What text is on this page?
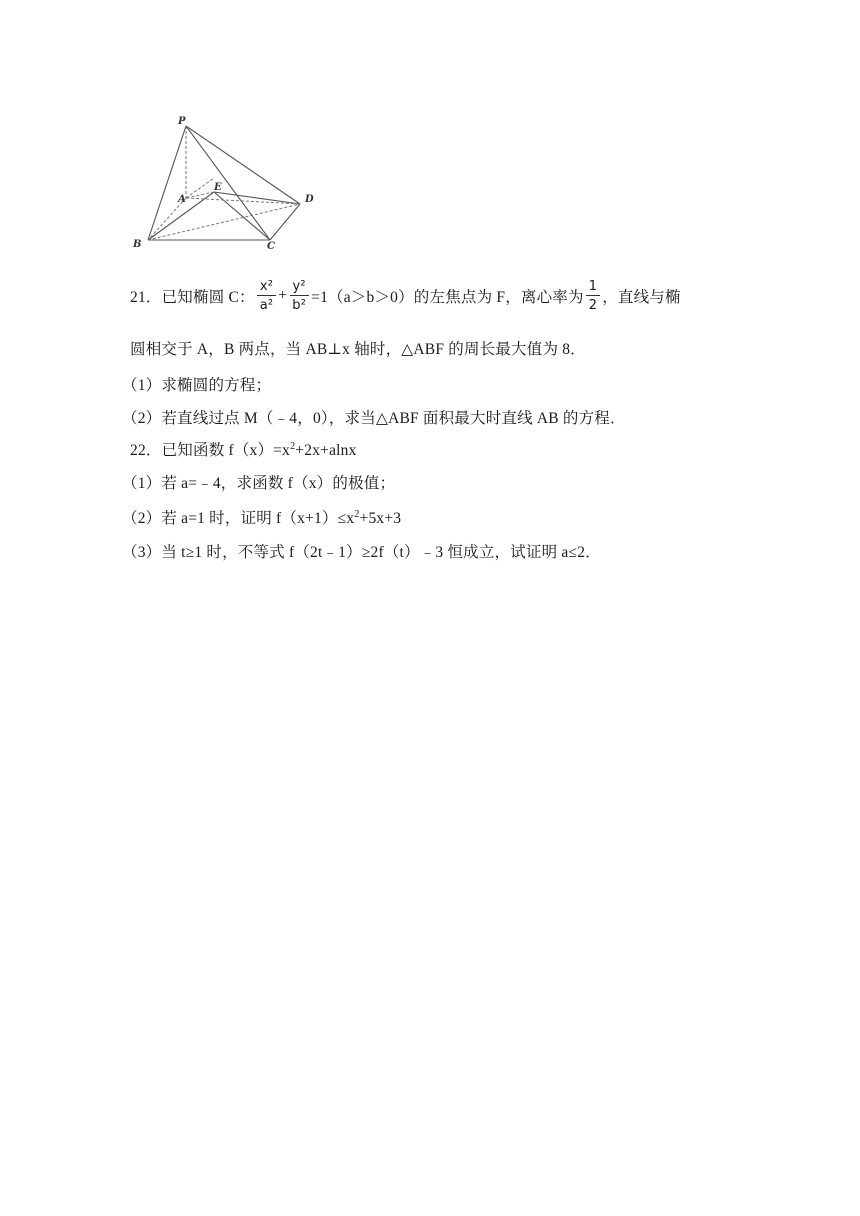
P
A
E
D
B	C
21．已知椭圆 C： $\frac{\text{x²}}{\text{a²}} + \frac{\text{y²}}{\text{b²}} =1(a>b>0)$的左焦点为 F，离心率为 $\frac{1}{2}$ ，直线与椭
圆相交于 A，B 两点，当 AB⊥x 轴时，△ABF 的周长最大值为 8．
（1）求椭圆的方程；
（2）若直线过点 M（﹣4，0），求当△ABF 面积最大时直线 AB 的方程．
22．已知函数 $f(x)=x^2+2x+alnx$
（1）若 a=﹣4，求函数 f（x）的极值；
（2）若 a=1 时，证明 $f(x+1)\le x^2+5x+3$
（3）当 t≥1 时，不等式 f（2t﹣1）≥2f（t）﹣3 恒成立，试证明 a≤2．
